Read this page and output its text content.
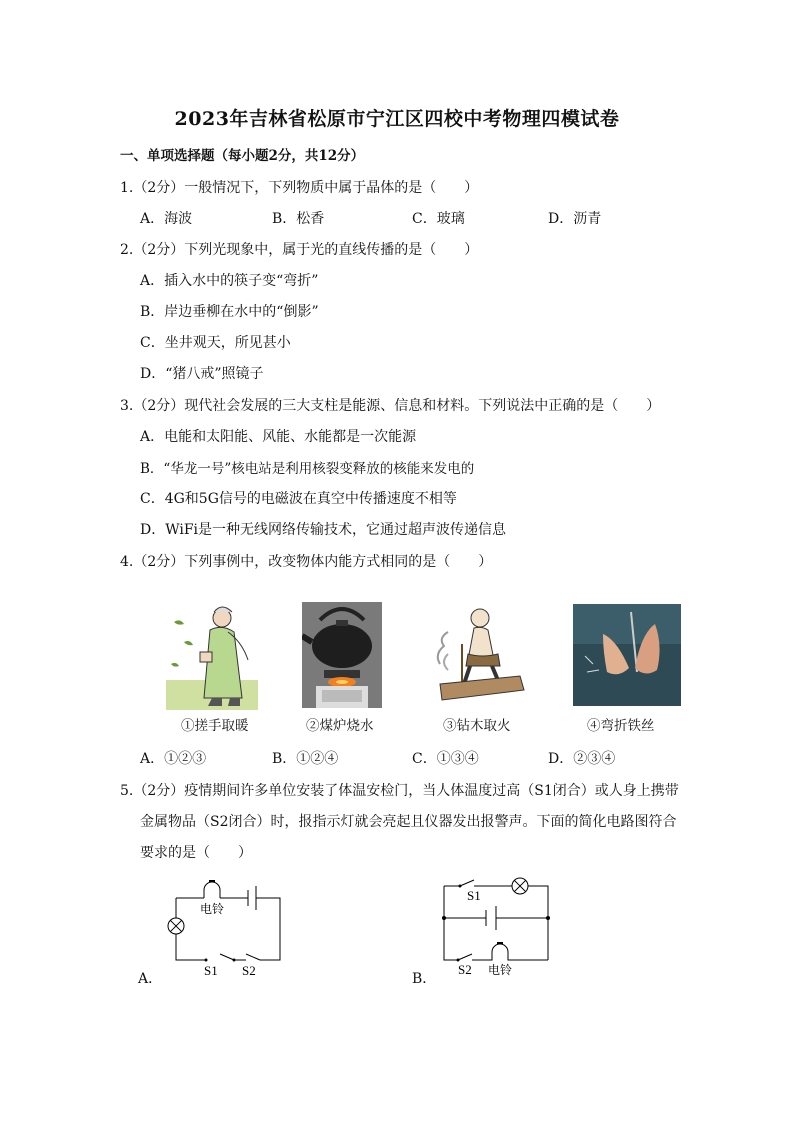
2023年吉林省松原市宁江区四校中考物理四模试卷
一、单项选择题（每小题2分，共12分）
1.（2分）一般情况下，下列物质中属于晶体的是（　　）
A．海波	B．松香	C．玻璃	D．沥青
2.（2分）下列光现象中，属于光的直线传播的是（　　）
A．插入水中的筷子变“弯折”
B．岸边垂柳在水中的“倒影”
C．坐井观天，所见甚小
D．“猪八戒”照镜子
3.（2分）现代社会发展的三大支柱是能源、信息和材料。下列说法中正确的是（　　）
A．电能和太阳能、风能、水能都是一次能源
B．“华龙一号”核电站是利用核裂变释放的核能来发电的
C．4G和5G信号的电磁波在真空中传播速度不相等
D．WiFi是一种无线网络传输技术，它通过超声波传递信息
4.（2分）下列事例中，改变物体内能方式相同的是（　　）
①搓手取暖	②煤炉烧水	③钻木取火	④弯折铁丝
A．①②③	B．①②④	C．①③④	D．②③④
5.（2分）疫情期间许多单位安装了体温安检门，当人体温度过高（S1闭合）或人身上携带
金属物品（S2闭合）时，报指示灯就会亮起且仪器发出报警声。下面的简化电路图符合
要求的是（　　）
电铃
S1 S2
A．
S1
S2 电铃
B．
